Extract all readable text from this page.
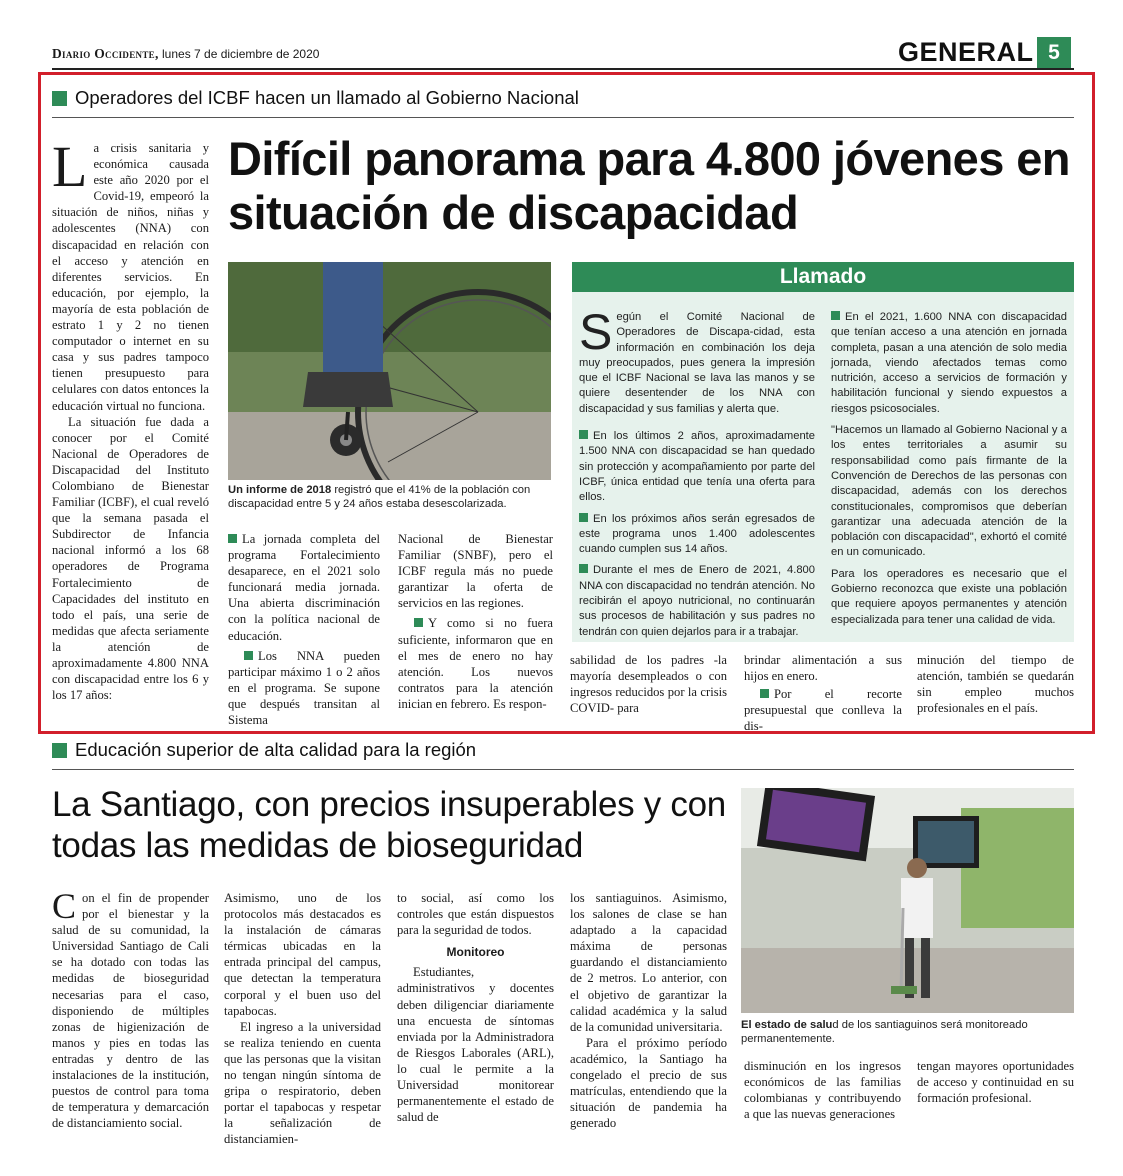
Diario Occidente, lunes 7 de diciembre de 2020	GENERAL 5
Operadores del ICBF hacen un llamado al Gobierno Nacional

La crisis sanitaria y económica causada este año 2020 por el Covid-19, empeoró la situación de niños, niñas y adolescentes (NNA) con discapacidad en relación con el acceso y atención en diferentes servicios. En educación, por ejemplo, la mayoría de esta población de estrato 1 y 2 no tienen computador o internet en su casa y sus padres tampoco tienen presupuesto para celulares con datos entonces la educación virtual no funciona.

La situación fue dada a conocer por el Comité Nacional de Operadores de Discapacidad del Instituto Colombiano de Bienestar Familiar (ICBF), el cual reveló que la semana pasada el Subdirector de Infancia nacional informó a los 68 operadores de Programa Fortalecimiento de Capacidades del instituto en todo el país, una serie de medidas que afecta seriamente la atención de aproximadamente 4.800 NNA con discapacidad entre los 6 y los 17 años:

Difícil panorama para 4.800 jóvenes en situación de discapacidad
Un informe de 2018 registró que el 41% de la población con discapacidad entre 5 y 24 años estaba desescolarizada.
Llamado

Según el Comité Nacional de Operadores de Discapa-cidad, esta información en combinación los deja muy preocupados, pues genera la impresión que el ICBF Nacional se lava las manos y se quiere desentender de los NNA con discapacidad y sus familias y alerta que.

En los últimos 2 años, aproximadamente 1.500 NNA con discapacidad se han quedado sin protección y acompañamiento por parte del ICBF, única entidad que tenía una oferta para ellos.

En los próximos años serán egresados de este programa unos 1.400 adolescentes cuando cumplen sus 14 años.

Durante el mes de Enero de 2021, 4.800 NNA con discapacidad no tendrán atención. No recibirán el apoyo nutricional, no continuarán sus procesos de habilitación y sus padres no tendrán con quien dejarlos para ir a trabajar.

En el 2021, 1.600 NNA con discapacidad que tenían acceso a una atención en jornada completa, pasan a una atención de solo media jornada, viendo afectados temas como nutrición, acceso a servicios de formación y habilitación funcional y siendo expuestos a riesgos psicosociales.

"Hacemos un llamado al Gobierno Nacional y a los entes territoriales a asumir su responsabilidad como país firmante de la Convención de Derechos de las personas con discapacidad, además con los derechos constitucionales, compromisos que deberían garantizar una adecuada atención de la población con discapacidad", exhortó el comité en un comunicado.

Para los operadores es necesario que el Gobierno reconozca que existe una población que requiere apoyos permanentes y atención especializada para tener una calidad de vida.

La jornada completa del programa Fortalecimiento desaparece, en el 2021 solo funcionará media jornada. Una abierta discriminación con la política nacional de educación.

Los NNA pueden participar máximo 1 o 2 años en el programa. Se supone que después transitan al Sistema

Nacional de Bienestar Familiar (SNBF), pero el ICBF regula más no puede garantizar la oferta de servicios en las regiones.

Y como si no fuera suficiente, informaron que en el mes de enero no hay atención. Los nuevos contratos para la atención inician en febrero. Es respon-

sabilidad de los padres -la mayoría desempleados o con ingresos reducidos por la crisis COVID- para

brindar alimentación a sus hijos en enero.

Por el recorte presupuestal que conlleva la dis-

minución del tiempo de atención, también se quedarán sin empleo muchos profesionales en el país.

Educación superior de alta calidad para la región
La Santiago, con precios insuperables y con todas las medidas de bioseguridad
El estado de salud de los santiaguinos será monitoreado permanentemente.

Con el fin de propender por el bienestar y la salud de su comunidad, la Universidad Santiago de Cali se ha dotado con todas las medidas de bioseguridad necesarias para el caso, disponiendo de múltiples zonas de higienización de manos y pies en todas las entradas y dentro de las instalaciones de la institución, puestos de control para toma de temperatura y demarcación de distanciamiento social.

Asimismo, uno de los protocolos más destacados es la instalación de cámaras térmicas ubicadas en la entrada principal del campus, que detectan la temperatura corporal y el buen uso del tapabocas.

El ingreso a la universidad se realiza teniendo en cuenta que las personas que la visitan no tengan ningún síntoma de gripa o respiratorio, deben portar el tapabocas y respetar la señalización de distanciamien-

to social, así como los controles que están dispuestos para la seguridad de todos.

Monitoreo

Estudiantes, administrativos y docentes deben diligenciar diariamente una encuesta de síntomas enviada por la Administradora de Riesgos Laborales (ARL), lo cual le permite a la Universidad monitorear permanentemente el estado de salud de

los santiaguinos. Asimismo, los salones de clase se han adaptado a la capacidad máxima de personas guardando el distanciamiento de 2 metros. Lo anterior, con el objetivo de garantizar la calidad académica y la salud de la comunidad universitaria.

Para el próximo período académico, la Santiago ha congelado el precio de sus matrículas, entendiendo que la situación de pandemia ha generado

disminución en los ingresos económicos de las familias colombianas y contribuyendo a que las nuevas generaciones

tengan mayores oportunidades de acceso y continuidad en su formación profesional.
